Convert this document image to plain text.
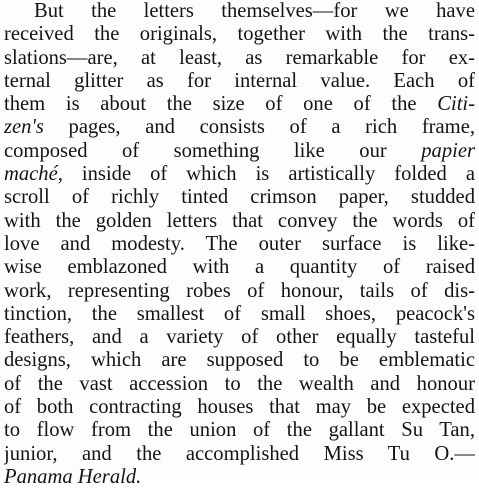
But the letters themselves—for we have
received the originals, together with the trans-
slations—are, at least, as remarkable for ex-
ternal glitter as for internal value. Each of
them is about the size of one of the Citi-
zen's pages, and consists of a rich frame,
composed of something like our papier
maché, inside of which is artistically folded a
scroll of richly tinted crimson paper, studded
with the golden letters that convey the words of
love and modesty. The outer surface is like-
wise emblazoned with a quantity of raised
work, representing robes of honour, tails of dis-
tinction, the smallest of small shoes, peacock's
feathers, and a variety of other equally tasteful
designs, which are supposed to be emblematic
of the vast accession to the wealth and honour
of both contracting houses that may be expected
to flow from the union of the gallant Su Tan,
junior, and the accomplished Miss Tu O.—
Panama Herald.
